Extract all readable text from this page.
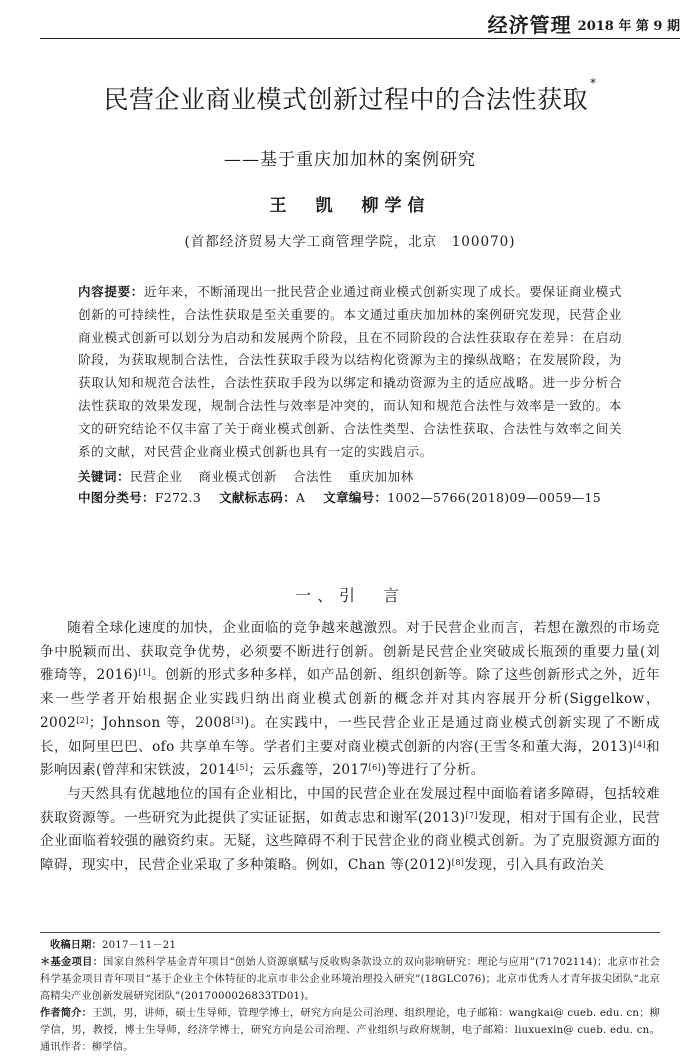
经济管理 2018 年 第 9 期
民营企业商业模式创新过程中的合法性获取*
——基于重庆加加林的案例研究
王　凯　柳学信
(首都经济贸易大学工商管理学院，北京　100070)

内容提要：近年来，不断涌现出一批民营企业通过商业模式创新实现了成长。要保证商业模式创新的可持续性，合法性获取是至关重要的。本文通过重庆加加林的案例研究发现，民营企业商业模式创新可以划分为启动和发展两个阶段，且在不同阶段的合法性获取存在差异：在启动阶段，为获取规制合法性，合法性获取手段为以结构化资源为主的操纵战略；在发展阶段，为获取认知和规范合法性，合法性获取手段为以绑定和撬动资源为主的适应战略。进一步分析合法性获取的效果发现，规制合法性与效率是冲突的，而认知和规范合法性与效率是一致的。本文的研究结论不仅丰富了关于商业模式创新、合法性类型、合法性获取、合法性与效率之间关系的文献，对民营企业商业模式创新也具有一定的实践启示。

关键词：民营企业 商业模式创新 合法性 重庆加加林
中图分类号：F272.3 文献标志码：A 文章编号：1002—5766(2018)09—0059—15
一、引　言

随着全球化速度的加快，企业面临的竞争越来越激烈。对于民营企业而言，若想在激烈的市场竞争中脱颖而出、获取竞争优势，必须要不断进行创新。创新是民营企业突破成长瓶颈的重要力量(刘雅琦等，2016)[1]。创新的形式多种多样，如产品创新、组织创新等。除了这些创新形式之外，近年来一些学者开始根据企业实践归纳出商业模式创新的概念并对其内容展开分析(Siggelkow，2002[2]；Johnson 等，2008[3])。在实践中，一些民营企业正是通过商业模式创新实现了不断成长，如阿里巴巴、ofo 共享单车等。学者们主要对商业模式创新的内容(王雪冬和董大海，2013)[4]和影响因素(曾萍和宋铁波，2014[5]；云乐鑫等，2017[6])等进行了分析。

与天然具有优越地位的国有企业相比，中国的民营企业在发展过程中面临着诸多障碍，包括较难获取资源等。一些研究为此提供了实证证据，如黄志忠和谢军(2013)[7]发现，相对于国有企业，民营企业面临着较强的融资约束。无疑，这些障碍不利于民营企业的商业模式创新。为了克服资源方面的障碍，现实中，民营企业采取了多种策略。例如，Chan 等(2012)[8]发现，引入具有政治关

收稿日期：2017－11－21

＊基金项目：国家自然科学基金青年项目“创始人资源禀赋与反收购条款设立的双向影响研究：理论与应用”(71702114)；北京市社会科学基金项目青年项目“基于企业主个体特征的北京市非公企业环境治理投入研究”(18GLC076)；北京市优秀人才青年拔尖团队“北京高精尖产业创新发展研究团队”(2017000026833TD01)。

作者简介：王凯，男，讲师，硕士生导师，管理学博士，研究方向是公司治理、组织理论，电子邮箱：wangkai@ cueb. edu. cn；柳学信，男，教授，博士生导师，经济学博士，研究方向是公司治理、产业组织与政府规制，电子邮箱：liuxuexin@ cueb. edu. cn。通讯作者：柳学信。
